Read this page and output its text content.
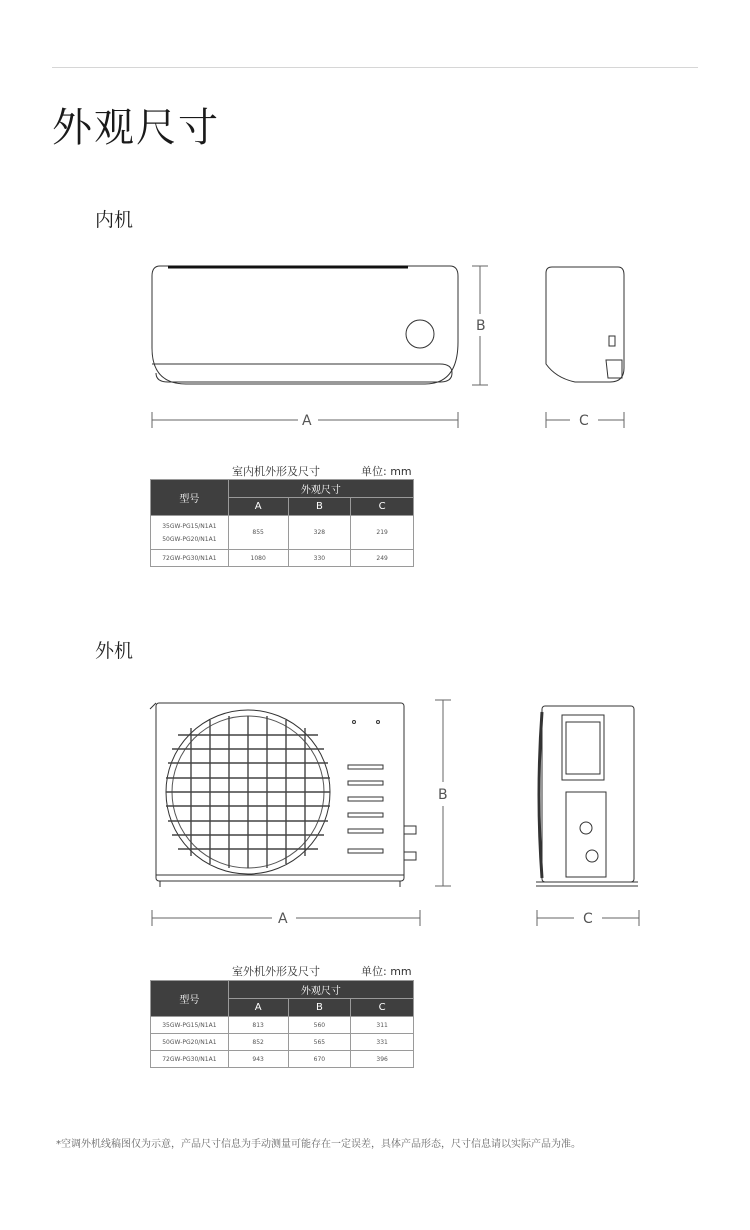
外观尺寸
内机
外机
A
B
C
A
B
C
室内机外形及尺寸	单位: mm
型号	外观尺寸		
	A	B	C
35GW-PG15/N1A1
50GW-PG20/N1A1	855	328	219
72GW-PG30/N1A1	1080	330	249
室外机外形及尺寸	单位: mm
型号	外观尺寸		
	A	B	C
35GW-PG15/N1A1	813	560	311
50GW-PG20/N1A1	852	565	331
72GW-PG30/N1A1	943	670	396
*空调外机线稿图仅为示意，产品尺寸信息为手动测量可能存在一定误差，具体产品形态，尺寸信息请以实际产品为准。
